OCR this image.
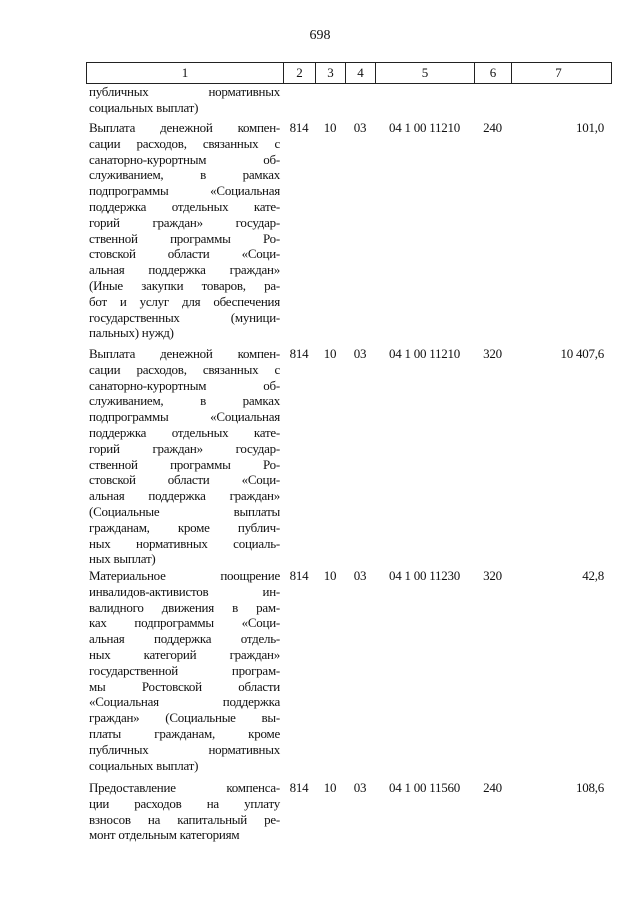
698
1	2	3	4	5	6	7
публичных нормативных
социальных выплат)
Выплата денежной компен-
сации расходов, связанных с
санаторно-курортным об-
служиванием, в рамках
подпрограммы «Социальная
поддержка отдельных кате-
горий граждан» государ-
ственной программы Ро-
стовской области «Соци-
альная поддержка граждан»
(Иные закупки товаров, ра-
бот и услуг для обеспечения
государственных (муници-
пальных) нужд)
814	10	03	04 1 00 11210	240	101,0
Выплата денежной компен-
сации расходов, связанных с
санаторно-курортным об-
служиванием, в рамках
подпрограммы «Социальная
поддержка отдельных кате-
горий граждан» государ-
ственной программы Ро-
стовской области «Соци-
альная поддержка граждан»
(Социальные выплаты
гражданам, кроме публич-
ных нормативных социаль-
ных выплат)
814	10	03	04 1 00 11210	320	10 407,6
Материальное поощрение
инвалидов-активистов ин-
валидного движения в рам-
ках подпрограммы «Соци-
альная поддержка отдель-
ных категорий граждан»
государственной програм-
мы Ростовской области
«Социальная поддержка
граждан» (Социальные вы-
платы гражданам, кроме
публичных нормативных
социальных выплат)
814	10	03	04 1 00 11230	320	42,8
Предоставление компенса-
ции расходов на уплату
взносов на капитальный ре-
монт отдельным категориям
814	10	03	04 1 00 11560	240	108,6
